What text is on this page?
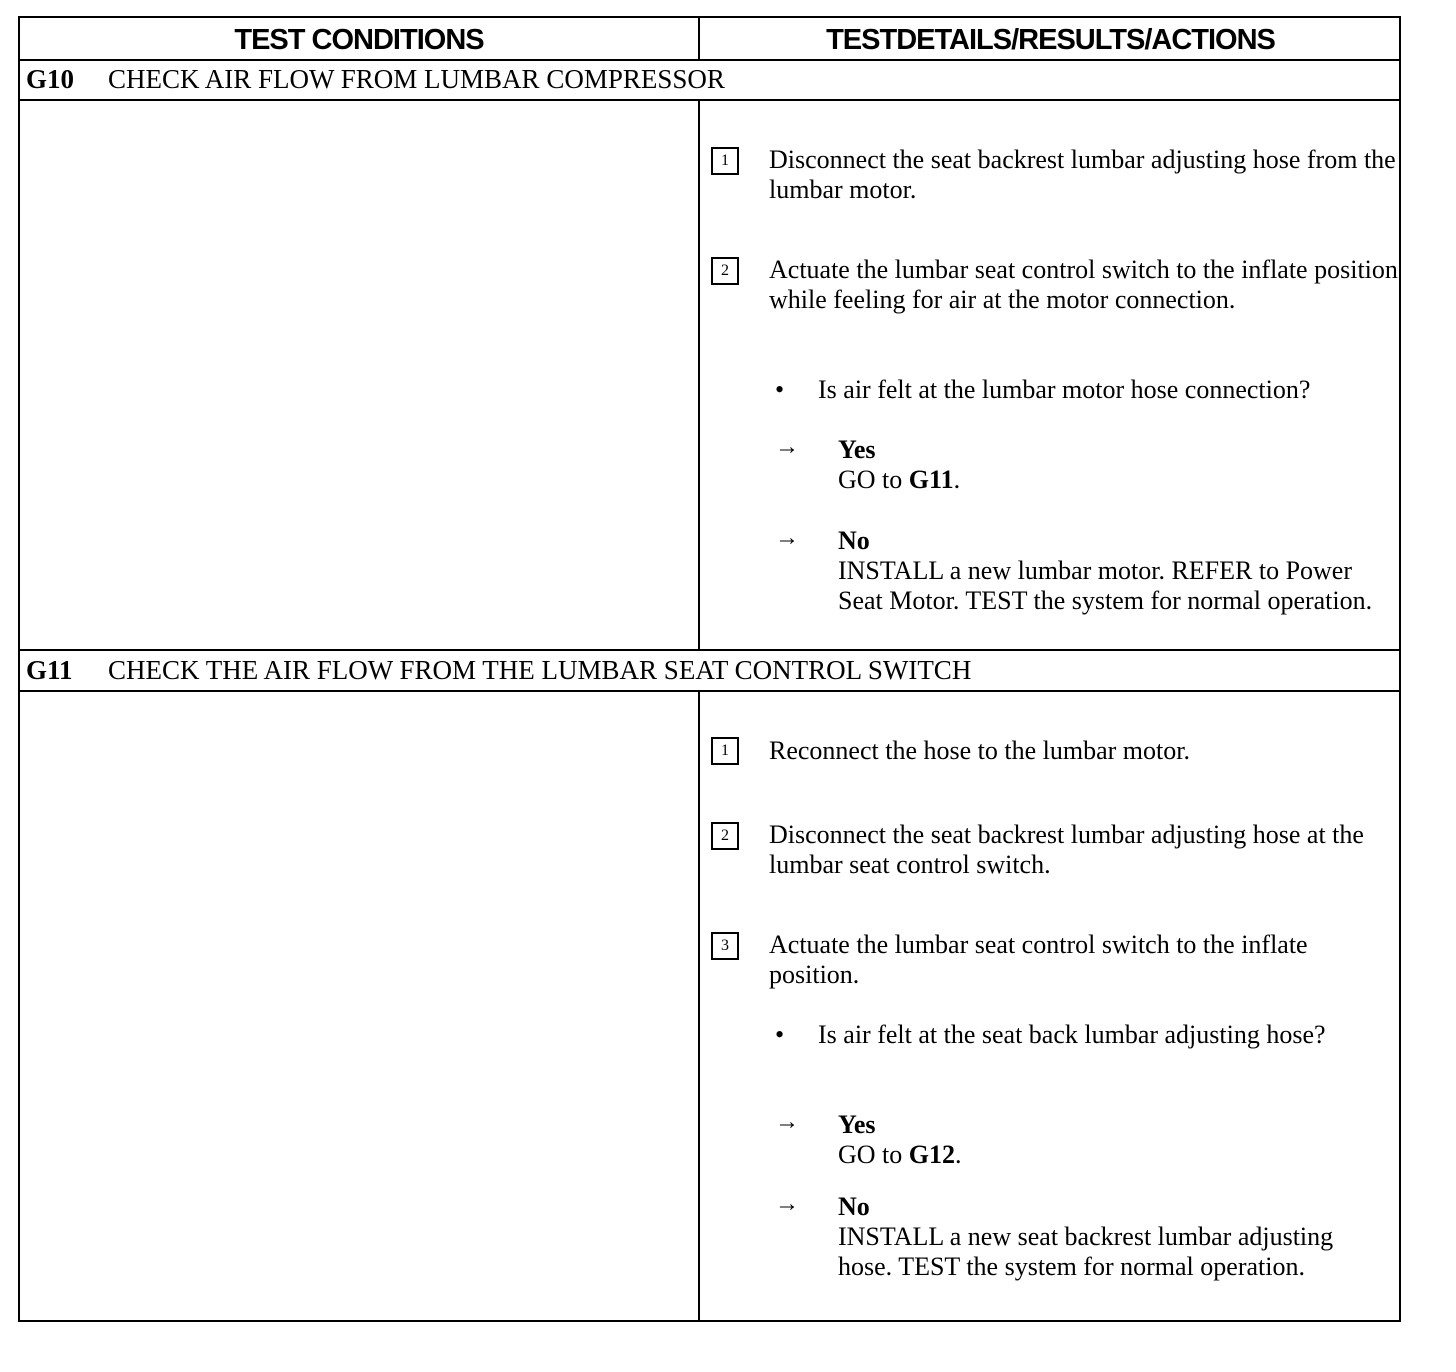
TEST CONDITIONS	TESTDETAILS/RESULTS/ACTIONS
G10 CHECK AIR FLOW FROM LUMBAR COMPRESSOR
1	Disconnect the seat backrest lumbar adjusting hose from the lumbar motor.
2	Actuate the lumbar seat control switch to the inflate position while feeling for air at the motor connection.
• Is air felt at the lumbar motor hose connection?
→ Yes
GO to G11.
→ No
INSTALL a new lumbar motor. REFER to Power Seat Motor. TEST the system for normal operation.
G11 CHECK THE AIR FLOW FROM THE LUMBAR SEAT CONTROL SWITCH
1	Reconnect the hose to the lumbar motor.
2	Disconnect the seat backrest lumbar adjusting hose at the lumbar seat control switch.
3	Actuate the lumbar seat control switch to the inflate position.
• Is air felt at the seat back lumbar adjusting hose?
→ Yes
GO to G12.
→ No
INSTALL a new seat backrest lumbar adjusting hose. TEST the system for normal operation.
